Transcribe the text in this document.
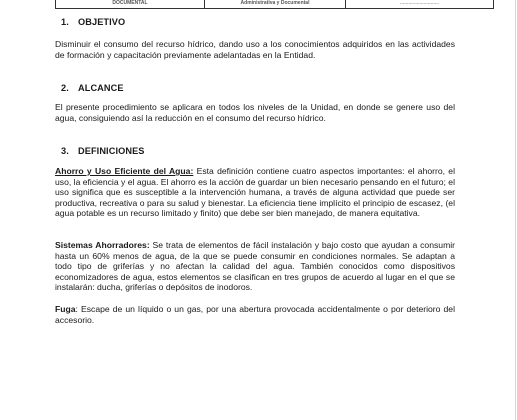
DOCUMENTAL	Administrativa y Documental	............................
1. OBJETIVO
Disminuir el consumo del recurso hídrico, dando uso a los conocimientos adquiridos en las actividades de formación y capacitación previamente adelantadas en la Entidad.
2. ALCANCE
El presente procedimiento se aplicara en todos los niveles de la Unidad, en donde se genere uso del agua, consiguiendo así la reducción en el consumo del recurso hídrico.
3. DEFINICIONES
Ahorro y Uso Eficiente del Agua: Esta definición contiene cuatro aspectos importantes: el ahorro, el uso, la eficiencia y el agua. El ahorro es la acción de guardar un bien necesario pensando en el futuro; el uso significa que es susceptible a la intervención humana, a través de alguna actividad que puede ser productiva, recreativa o para su salud y bienestar. La eficiencia tiene implícito el principio de escasez, (el agua potable es un recurso limitado y finito) que debe ser bien manejado, de manera equitativa.
Sistemas Ahorradores: Se trata de elementos de fácil instalación y bajo costo que ayudan a consumir hasta un 60% menos de agua, de la que se puede consumir en condiciones normales. Se adaptan a todo tipo de griferías y no afectan la calidad del agua. También conocidos como dispositivos economizadores de agua, estos elementos se clasifican en tres grupos de acuerdo al lugar en el que se instalarán: ducha, griferías o depósitos de inodoros.
Fuga: Escape de un líquido o un gas, por una abertura provocada accidentalmente o por deterioro del accesorio.
